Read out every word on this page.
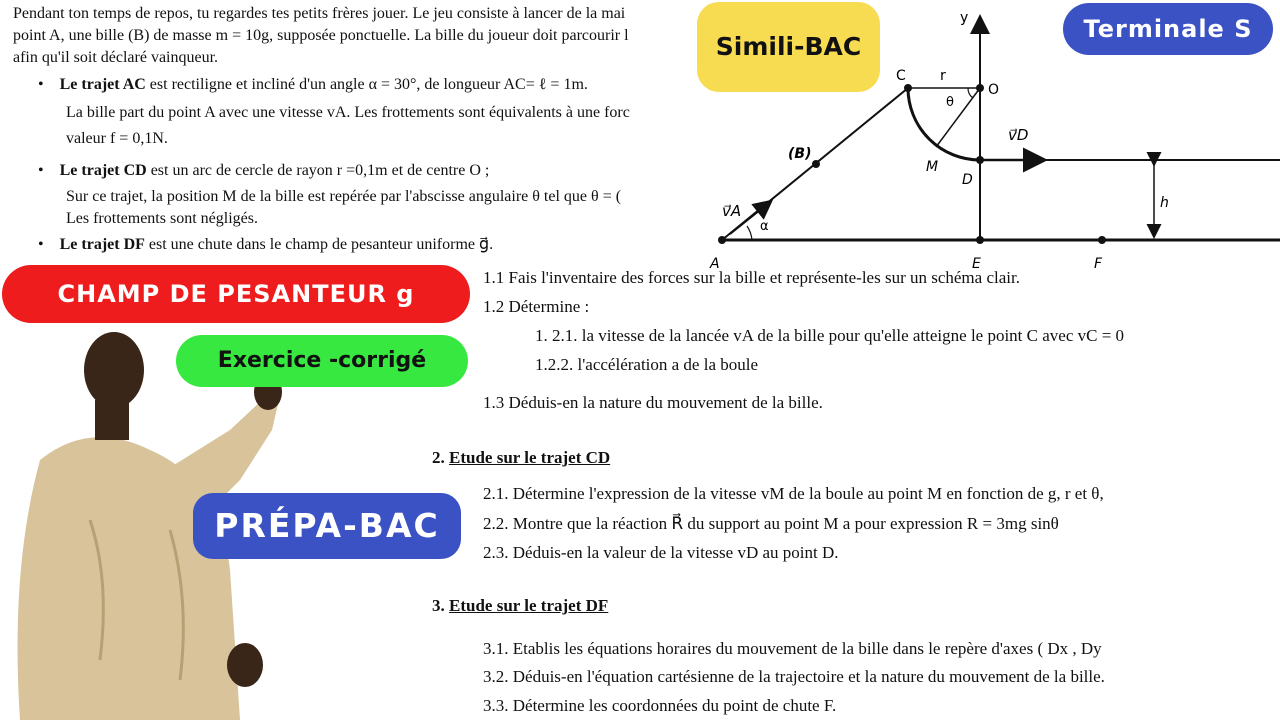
Pendant ton temps de repos, tu regardes tes petits frères jouer. Le jeu consiste à lancer de la mai

point A, une bille (B) de masse m = 10g, supposée ponctuelle. La bille du joueur doit parcourir l

afin qu'il soit déclaré vainqueur.

• Le trajet AC est rectiligne et incliné d'un angle α = 30°, de longueur AC= ℓ = 1m.
La bille part du point A avec une vitesse vA. Les frottements sont équivalents à une forc
valeur f = 0,1N.
• Le trajet CD est un arc de cercle de rayon r =0,1m et de centre O ;
Sur ce trajet, la position M de la bille est repérée par l'abscisse angulaire θ tel que θ = (
Les frottements sont négligés.
• Le trajet DF est une chute dans le champ de pesanteur uniforme g⃗.
y
C r
O
θ
v⃗D
(B)
M
D
h
v⃗A
α
A	E	F
1.1 Fais l'inventaire des forces sur la bille et représente-les sur un schéma clair.
1.2 Détermine :
1. 2.1. la vitesse de la lancée vA de la bille pour qu'elle atteigne le point C avec vC = 0
1.2.2. l'accélération a de la boule
1.3 Déduis-en la nature du mouvement de la bille.
2. Etude sur le trajet CD
2.1. Détermine l'expression de la vitesse vM de la boule au point M en fonction de g, r et θ,
2.2. Montre que la réaction R⃗ du support au point M a pour expression R = 3mg sinθ
2.3. Déduis-en la valeur de la vitesse vD au point D.
3. Etude sur le trajet DF
3.1. Etablis les équations horaires du mouvement de la bille dans le repère d'axes ( Dx , Dy
3.2. Déduis-en l'équation cartésienne de la trajectoire et la nature du mouvement de la bille.
3.3. Détermine les coordonnées du point de chute F.
Simili-BAC
Terminale S
CHAMP DE PESANTEUR g
Exercice -corrigé
PRÉPA-BAC
